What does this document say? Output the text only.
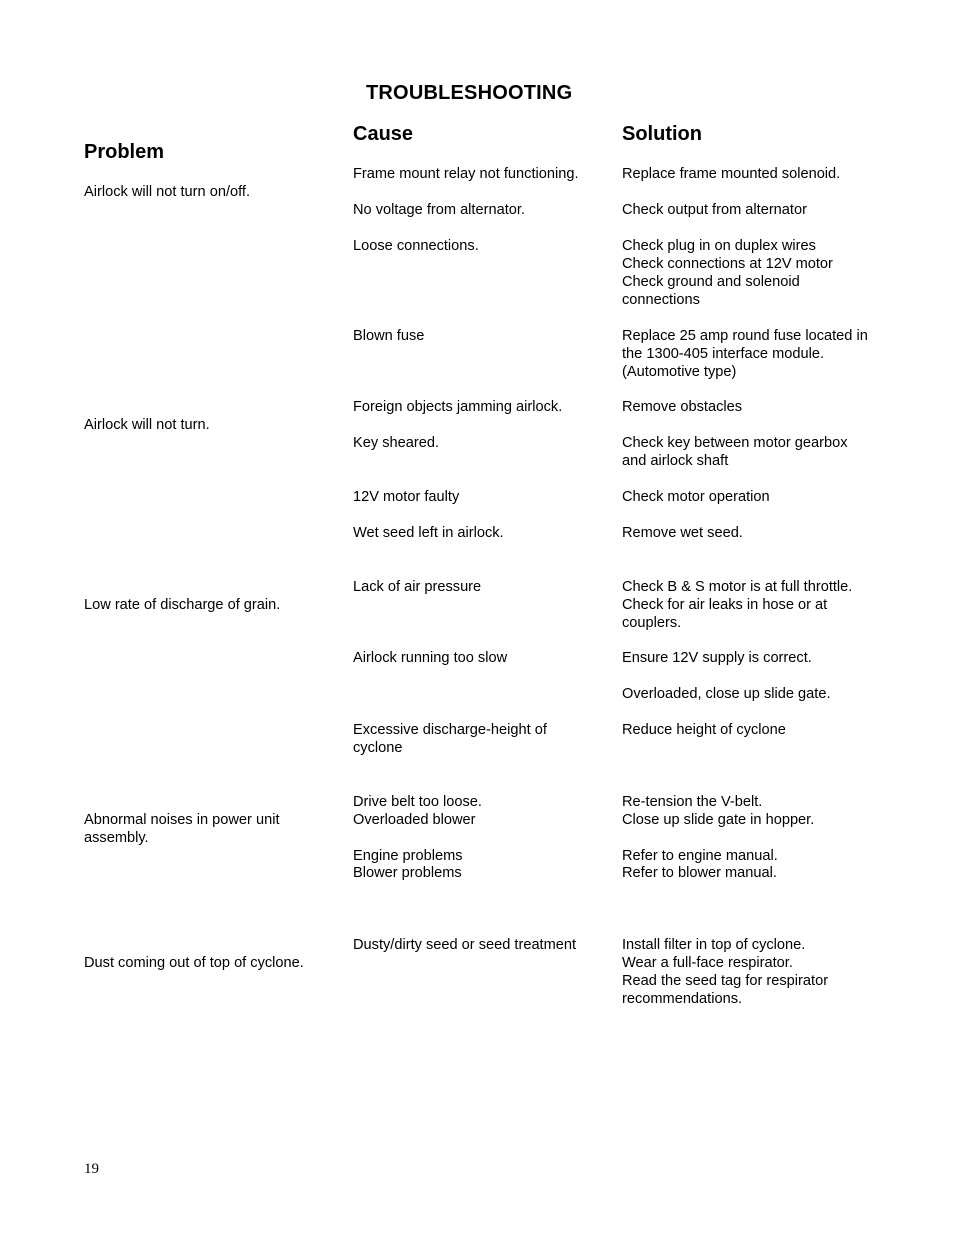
TROUBLESHOOTING
Problem
Cause	Solution
Airlock will not turn on/off.
Airlock will not turn.
Low rate of discharge of grain.
Abnormal noises in power unit assembly.
Dust coming out of top of cyclone.
Frame mount relay not functioning.
No voltage from alternator.
Loose connections.
Blown fuse
Foreign objects jamming airlock.
Key sheared.
12V motor faulty
Wet seed left in airlock.
Lack of air pressure
Airlock running too slow
Excessive discharge-height of cyclone
Drive belt too loose.
Overloaded blower
Engine problems
Blower problems
Dusty/dirty seed or seed treatment
Replace frame mounted solenoid.
Check output from alternator
Check plug in on duplex wires
Check connections at 12V motor
Check ground and solenoid connections
Replace 25 amp round fuse located in the 1300-405 interface module. (Automotive type)
Remove obstacles
Check key between motor gearbox and airlock shaft
Check motor operation
Remove wet seed.
Check B & S motor is at full throttle.
Check for air leaks in hose or at couplers.
Ensure 12V supply is correct.
Overloaded, close up slide gate.
Reduce height of cyclone
Re-tension the V-belt.
Close up slide gate in hopper.
Refer to engine manual.
Refer to blower manual.
Install filter in top of cyclone.
Wear a full-face respirator.
Read the seed tag for respirator recommendations.
19
